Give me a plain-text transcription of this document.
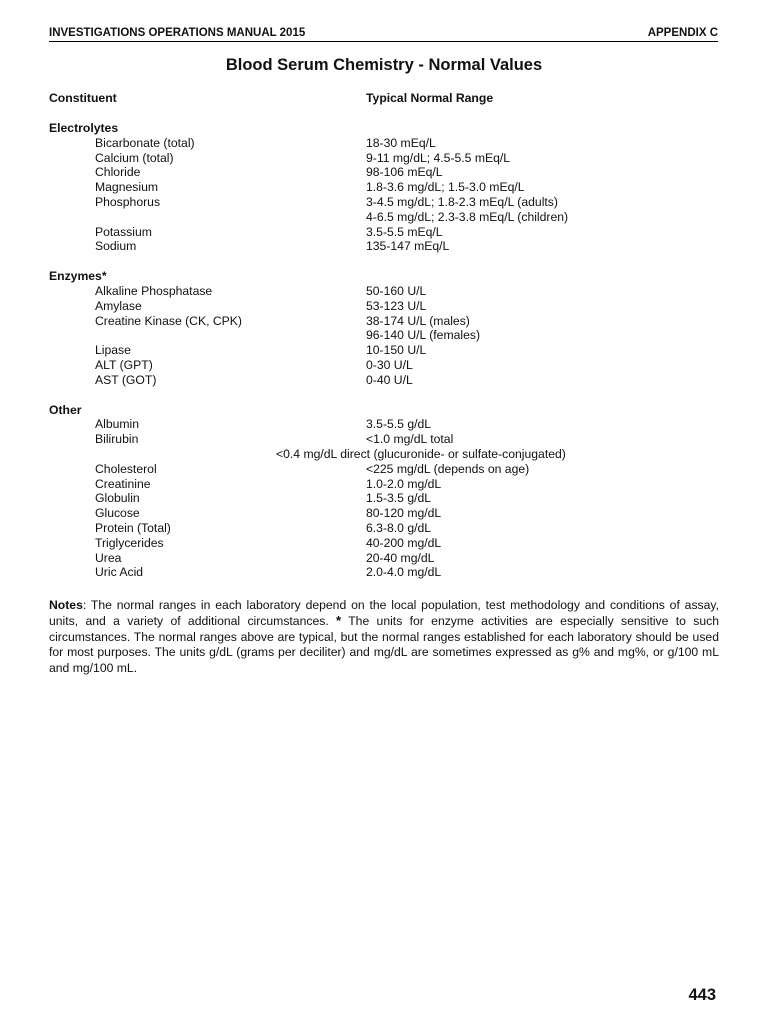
INVESTIGATIONS OPERATIONS MANUAL 2015	APPENDIX C
Blood Serum Chemistry - Normal Values
Constituent	Typical Normal Range
Electrolytes
Bicarbonate (total)	18-30 mEq/L
Calcium (total)	9-11 mg/dL; 4.5-5.5 mEq/L
Chloride	98-106 mEq/L
Magnesium	1.8-3.6 mg/dL; 1.5-3.0 mEq/L
Phosphorus	3-4.5 mg/dL; 1.8-2.3 mEq/L (adults)
4-6.5 mg/dL; 2.3-3.8 mEq/L (children)
Potassium	3.5-5.5 mEq/L
Sodium	135-147 mEq/L
Enzymes*
Alkaline Phosphatase	50-160 U/L
Amylase	53-123 U/L
Creatine Kinase (CK, CPK)	38-174 U/L (males)
96-140 U/L (females)
Lipase	10-150 U/L
ALT (GPT)	0-30 U/L
AST (GOT)	0-40 U/L
Other
Albumin	3.5-5.5 g/dL
Bilirubin	<1.0 mg/dL total
<0.4 mg/dL direct (glucuronide- or sulfate-conjugated)
Cholesterol	<225 mg/dL (depends on age)
Creatinine	1.0-2.0 mg/dL
Globulin	1.5-3.5 g/dL
Glucose	80-120 mg/dL
Protein (Total)	6.3-8.0 g/dL
Triglycerides	40-200 mg/dL
Urea	20-40 mg/dL
Uric Acid	2.0-4.0 mg/dL
Notes: The normal ranges in each laboratory depend on the local population, test methodology and conditions of assay, units, and a variety of additional circumstances. * The units for enzyme activities are especially sensitive to such circumstances. The normal ranges above are typical, but the normal ranges established for each laboratory should be used for most purposes. The units g/dL (grams per deciliter) and mg/dL are sometimes expressed as g% and mg%, or g/100 mL and mg/100 mL.
443
